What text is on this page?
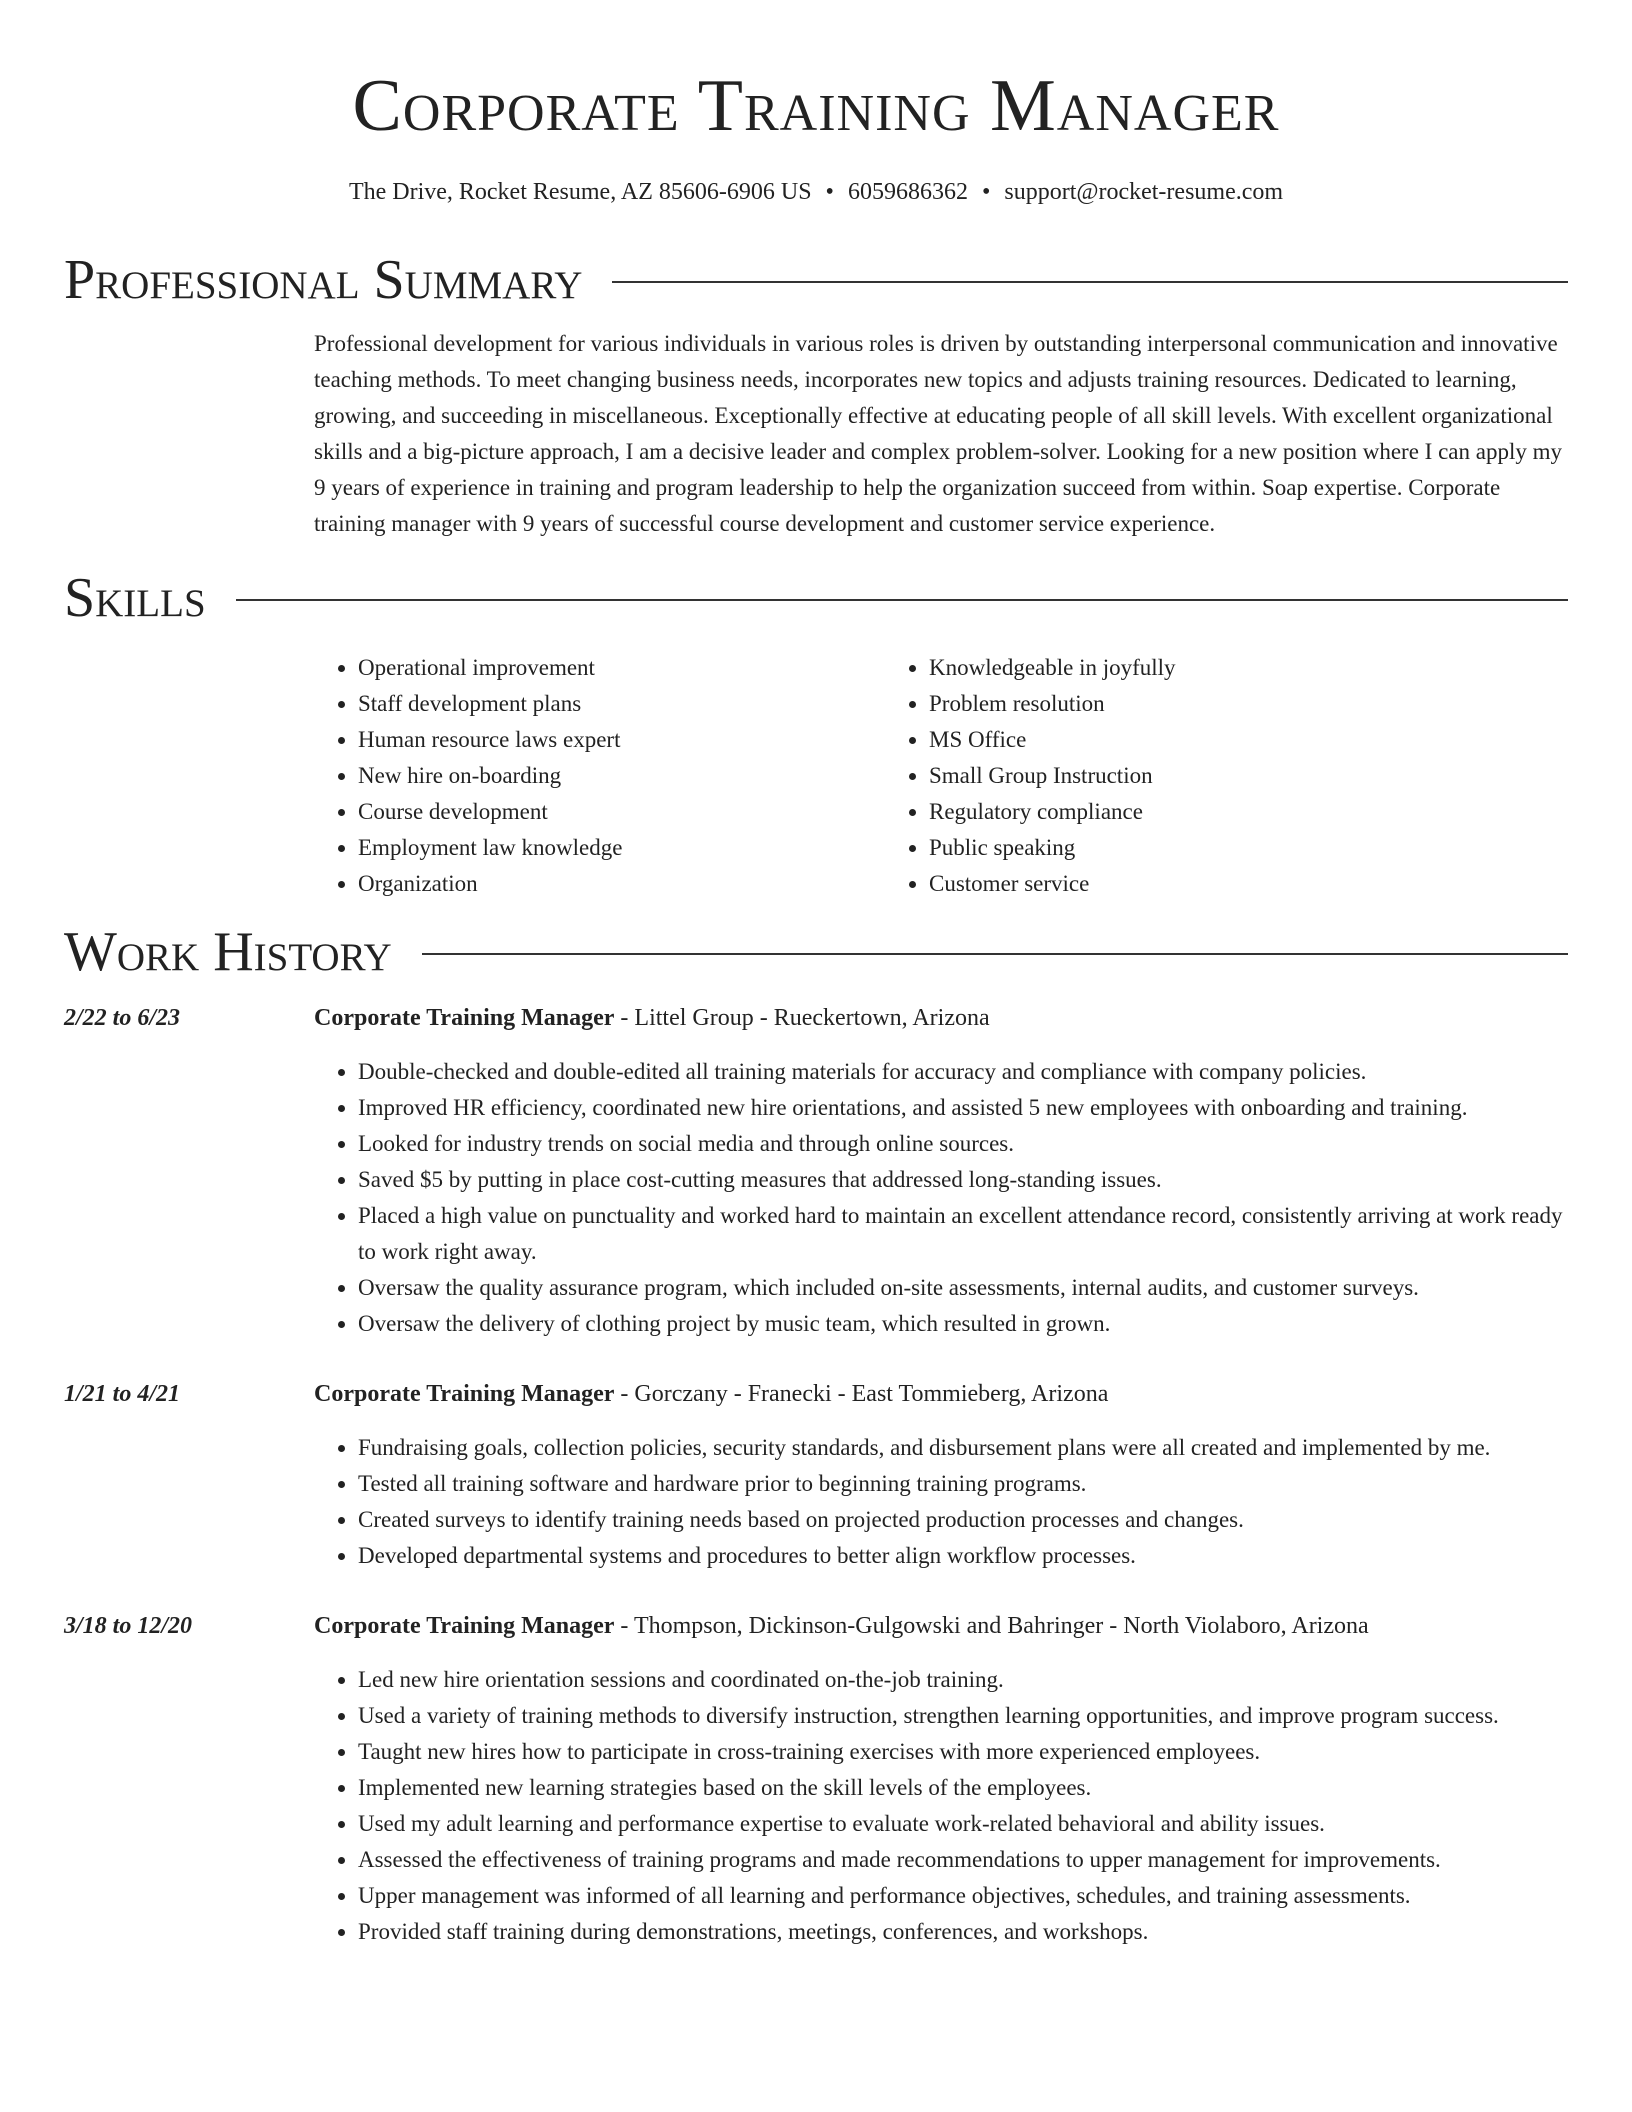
Corporate Training Manager
The Drive, Rocket Resume, AZ 85606-6906 US • 6059686362 • support@rocket-resume.com
Professional Summary
Professional development for various individuals in various roles is driven by outstanding interpersonal communication and innovative teaching methods. To meet changing business needs, incorporates new topics and adjusts training resources. Dedicated to learning, growing, and succeeding in miscellaneous. Exceptionally effective at educating people of all skill levels. With excellent organizational skills and a big-picture approach, I am a decisive leader and complex problem-solver. Looking for a new position where I can apply my 9 years of experience in training and program leadership to help the organization succeed from within. Soap expertise. Corporate training manager with 9 years of successful course development and customer service experience.
Skills
• Operational improvement
• Staff development plans
• Human resource laws expert
• New hire on-boarding
• Course development
• Employment law knowledge
• Organization
• Knowledgeable in joyfully
• Problem resolution
• MS Office
• Small Group Instruction
• Regulatory compliance
• Public speaking
• Customer service
Work History
2/22 to 6/23	Corporate Training Manager - Littel Group - Rueckertown, Arizona
• Double-checked and double-edited all training materials for accuracy and compliance with company policies.
• Improved HR efficiency, coordinated new hire orientations, and assisted 5 new employees with onboarding and training.
• Looked for industry trends on social media and through online sources.
• Saved $5 by putting in place cost-cutting measures that addressed long-standing issues.
• Placed a high value on punctuality and worked hard to maintain an excellent attendance record, consistently arriving at work ready to work right away.
• Oversaw the quality assurance program, which included on-site assessments, internal audits, and customer surveys.
• Oversaw the delivery of clothing project by music team, which resulted in grown.
1/21 to 4/21	Corporate Training Manager - Gorczany - Franecki - East Tommieberg, Arizona
• Fundraising goals, collection policies, security standards, and disbursement plans were all created and implemented by me.
• Tested all training software and hardware prior to beginning training programs.
• Created surveys to identify training needs based on projected production processes and changes.
• Developed departmental systems and procedures to better align workflow processes.
3/18 to 12/20	Corporate Training Manager - Thompson, Dickinson-Gulgowski and Bahringer - North Violaboro, Arizona
• Led new hire orientation sessions and coordinated on-the-job training.
• Used a variety of training methods to diversify instruction, strengthen learning opportunities, and improve program success.
• Taught new hires how to participate in cross-training exercises with more experienced employees.
• Implemented new learning strategies based on the skill levels of the employees.
• Used my adult learning and performance expertise to evaluate work-related behavioral and ability issues.
• Assessed the effectiveness of training programs and made recommendations to upper management for improvements.
• Upper management was informed of all learning and performance objectives, schedules, and training assessments.
• Provided staff training during demonstrations, meetings, conferences, and workshops.
